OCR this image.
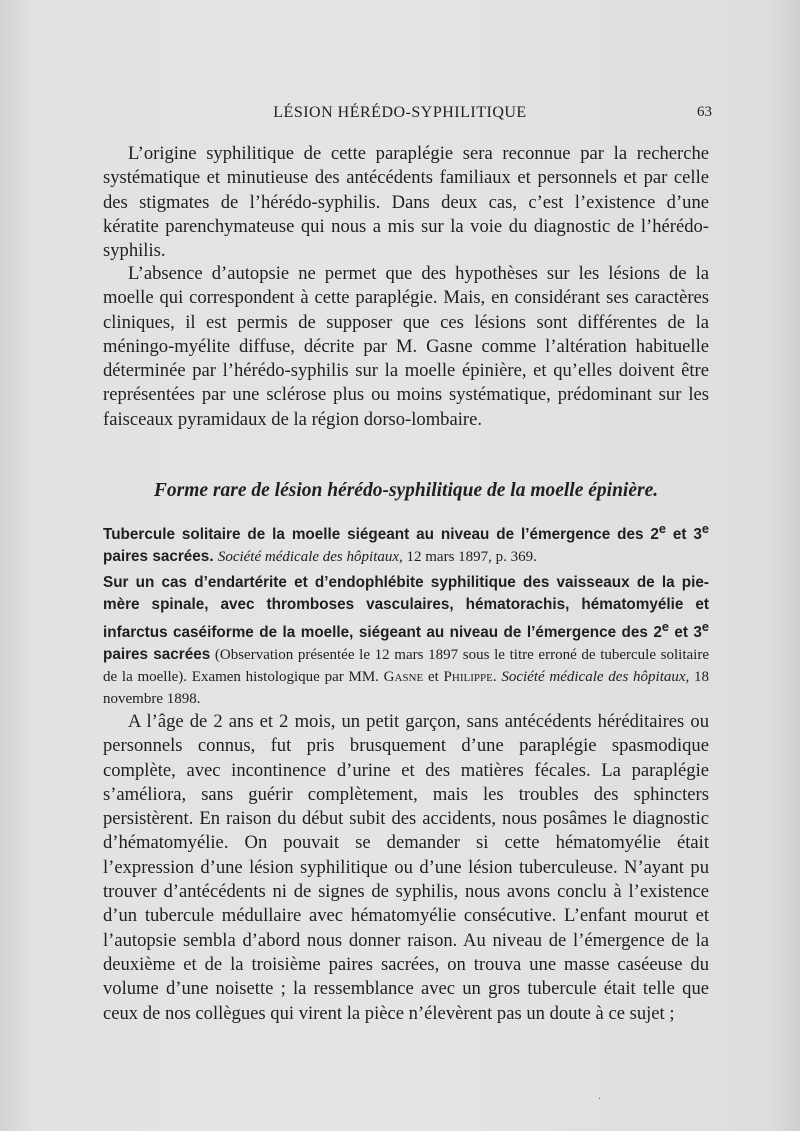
LÉSION HÉRÉDO-SYPHILITIQUE	63

L’origine syphilitique de cette paraplégie sera reconnue par la recherche systématique et minutieuse des antécédents familiaux et personnels et par celle des stigmates de l’hérédo-syphilis. Dans deux cas, c’est l’existence d’une kératite parenchymateuse qui nous a mis sur la voie du diagnostic de l’hérédo-syphilis.

L’absence d’autopsie ne permet que des hypothèses sur les lésions de la moelle qui correspondent à cette paraplégie. Mais, en considérant ses caractères cliniques, il est permis de supposer que ces lésions sont différentes de la méningo-myélite diffuse, décrite par M. Gasne comme l’altération habituelle déterminée par l’hérédo-syphilis sur la moelle épinière, et qu’elles doivent être représentées par une sclérose plus ou moins systématique, prédominant sur les faisceaux pyramidaux de la région dorso-lombaire.

Forme rare de lésion hérédo-syphilitique de la moelle épinière.

Tubercule solitaire de la moelle siégeant au niveau de l’émergence des 2e et 3e paires sacrées. Société médicale des hôpitaux, 12 mars 1897, p. 369.

Sur un cas d’endartérite et d’endophlébite syphilitique des vaisseaux de la pie-mère spinale, avec thromboses vasculaires, hématorachis, hématomyélie et infarctus caséiforme de la moelle, siégeant au niveau de l’émergence des 2e et 3e paires sacrées (Observation présentée le 12 mars 1897 sous le titre erroné de tubercule solitaire de la moelle). Examen histologique par MM. Gasne et Philippe. Société médicale des hôpitaux, 18 novembre 1898.

A l’âge de 2 ans et 2 mois, un petit garçon, sans antécédents héréditaires ou personnels connus, fut pris brusquement d’une paraplégie spasmodique complète, avec incontinence d’urine et des matières fécales. La paraplégie s’améliora, sans guérir complètement, mais les troubles des sphincters persistèrent. En raison du début subit des accidents, nous posâmes le diagnostic d’hématomyélie. On pouvait se demander si cette hématomyélie était l’expression d’une lésion syphilitique ou d’une lésion tuberculeuse. N’ayant pu trouver d’antécédents ni de signes de syphilis, nous avons conclu à l’existence d’un tubercule médullaire avec hématomyélie consécutive. L’enfant mourut et l’autopsie sembla d’abord nous donner raison. Au niveau de l’émergence de la deuxième et de la troisième paires sacrées, on trouva une masse caséeuse du volume d’une noisette ; la ressemblance avec un gros tubercule était telle que ceux de nos collègues qui virent la pièce n’élevèrent pas un doute à ce sujet ;

·
